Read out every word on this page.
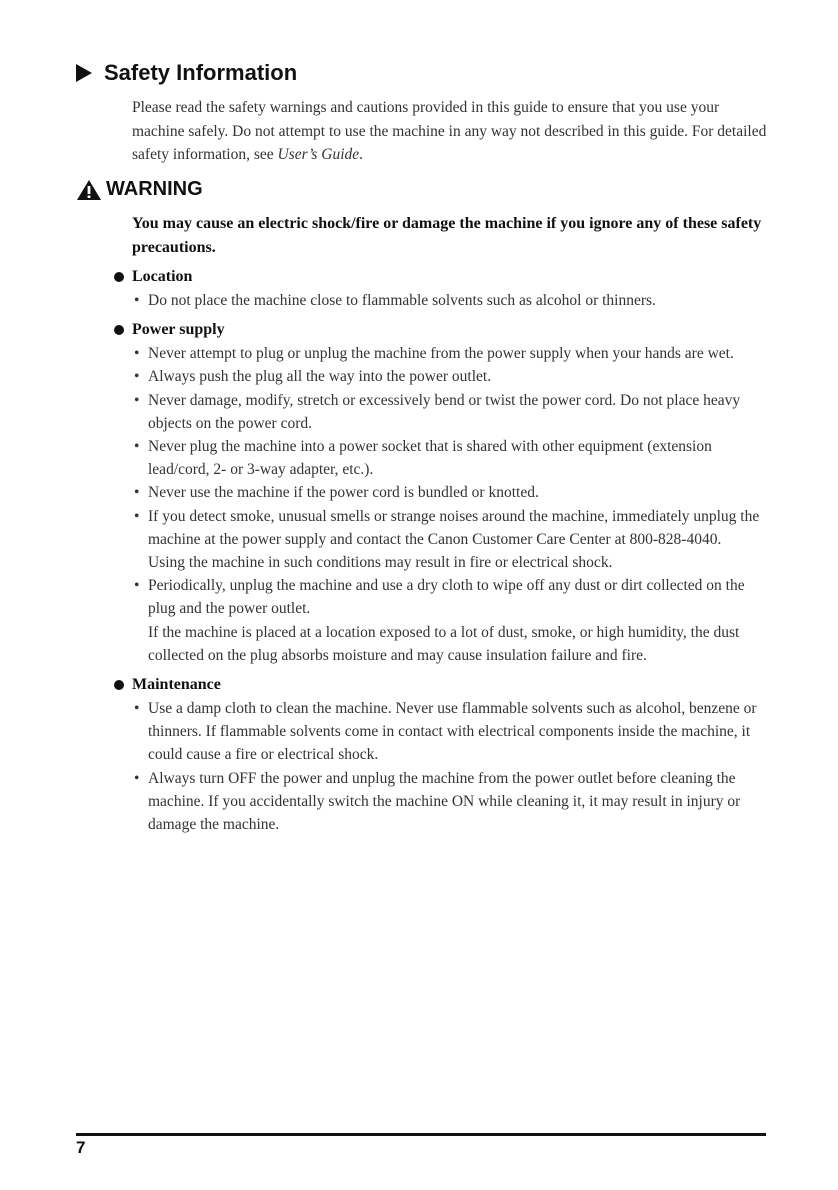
Safety Information

Please read the safety warnings and cautions provided in this guide to ensure that you use your machine safely. Do not attempt to use the machine in any way not described in this guide. For detailed safety information, see User’s Guide.

WARNING

You may cause an electric shock/fire or damage the machine if you ignore any of these safety precautions.

Location
• Do not place the machine close to flammable solvents such as alcohol or thinners.
Power supply
• Never attempt to plug or unplug the machine from the power supply when your hands are wet.
• Always push the plug all the way into the power outlet.
• Never damage, modify, stretch or excessively bend or twist the power cord. Do not place heavy objects on the power cord.
• Never plug the machine into a power socket that is shared with other equipment (extension lead/cord, 2- or 3-way adapter, etc.).
• Never use the machine if the power cord is bundled or knotted.
• If you detect smoke, unusual smells or strange noises around the machine, immediately unplug the machine at the power supply and contact the Canon Customer Care Center at 800-828-4040.
Using the machine in such conditions may result in fire or electrical shock.
• Periodically, unplug the machine and use a dry cloth to wipe off any dust or dirt collected on the plug and the power outlet.
If the machine is placed at a location exposed to a lot of dust, smoke, or high humidity, the dust collected on the plug absorbs moisture and may cause insulation failure and fire.
Maintenance
• Use a damp cloth to clean the machine. Never use flammable solvents such as alcohol, benzene or thinners. If flammable solvents come in contact with electrical components inside the machine, it could cause a fire or electrical shock.
• Always turn OFF the power and unplug the machine from the power outlet before cleaning the machine. If you accidentally switch the machine ON while cleaning it, it may result in injury or damage the machine.
7
